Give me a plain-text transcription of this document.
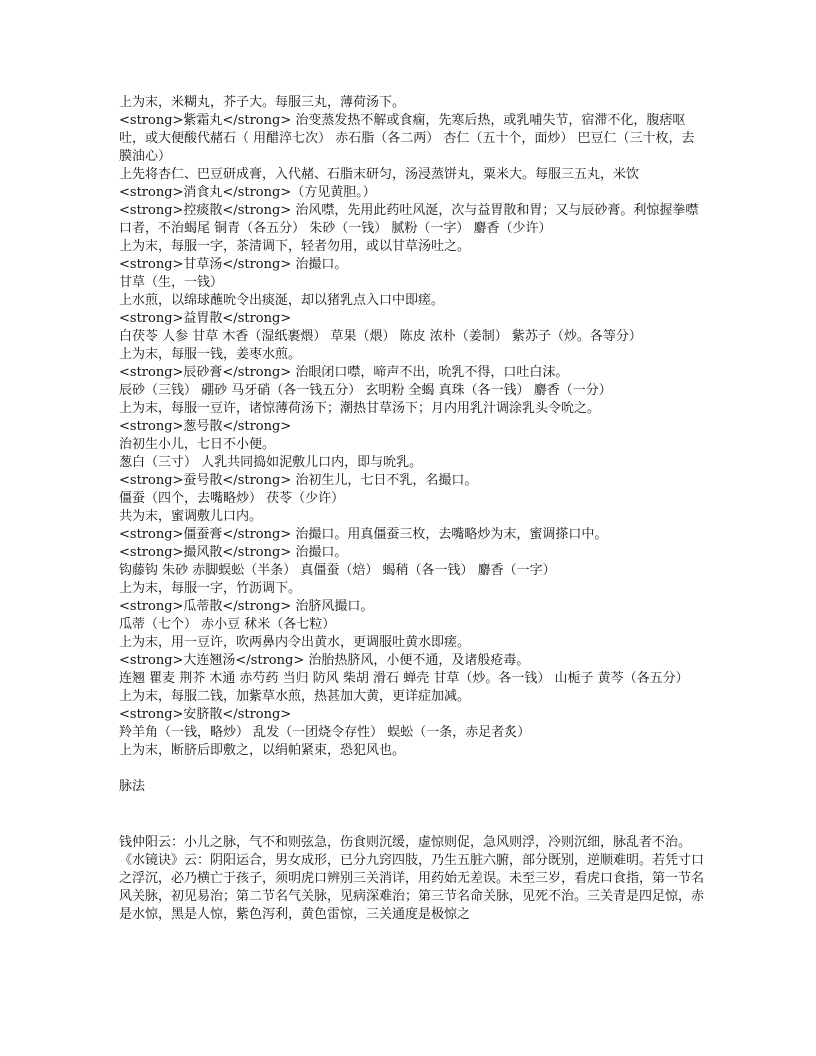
上为末，米糊丸，芥子大。每服三丸，薄荷汤下。

<strong>紫霜丸</strong> 治变蒸发热不解或食痫，先寒后热，或乳哺失节，宿滞不化，腹痞呕吐，或大便酸代赭石（ 用醋淬七次） 赤石脂（各二两） 杏仁（五十个，面炒） 巴豆仁（三十枚，去膜油心）

上先将杏仁、巴豆研成膏，入代赭、石脂末研匀，汤浸蒸饼丸，粟米大。每服三五丸，米饮

<strong>消食丸</strong>（方见黄胆。）

<strong>控痰散</strong> 治风噤，先用此药吐风涎，次与益胃散和胃；又与辰砂膏。利惊握拳噤口者，不治蝎尾 铜青（各五分） 朱砂（一钱） 腻粉（一字） 麝香（少许）

上为末，每服一字，茶清调下，轻者勿用，或以甘草汤吐之。

<strong>甘草汤</strong> 治撮口。

甘草（生，一钱）

上水煎，以绵球蘸吮令出痰涎，却以猪乳点入口中即瘥。

<strong>益胃散</strong>

白茯苓 人参 甘草 木香（湿纸裹煨） 草果（煨） 陈皮 浓朴（姜制） 紫苏子（炒。各等分）

上为末，每服一钱，姜枣水煎。

<strong>辰砂膏</strong> 治眼闭口噤，啼声不出，吮乳不得，口吐白沫。

辰砂（三钱） 硼砂 马牙硝（各一钱五分） 玄明粉 全蝎 真珠（各一钱） 麝香（一分）

上为末，每服一豆许，诸惊薄荷汤下；潮热甘草汤下；月内用乳汁调涂乳头令吮之。

<strong>葱号散</strong>

治初生小儿，七日不小便。

葱白（三寸） 人乳共同捣如泥敷儿口内，即与吮乳。

<strong>蚕号散</strong> 治初生儿，七日不乳，名撮口。

僵蚕（四个，去嘴略炒） 茯苓（少许）

共为末，蜜调敷儿口内。

<strong>僵蚕膏</strong> 治撮口。用真僵蚕三枚，去嘴略炒为末，蜜调搽口中。

<strong>撮风散</strong> 治撮口。

钩藤钩 朱砂 赤脚蜈蚣（半条） 真僵蚕（焙） 蝎稍（各一钱） 麝香（一字）

上为末，每服一字，竹沥调下。

<strong>瓜蒂散</strong> 治脐风撮口。

瓜蒂（七个） 赤小豆 秫米（各七粒）

上为末，用一豆许，吹两鼻内令出黄水，更调服吐黄水即瘥。

<strong>大连翘汤</strong> 治胎热脐风，小便不通，及诸般疮毒。

连翘 瞿麦 荆芥 木通 赤芍药 当归 防风 柴胡 滑石 蝉壳 甘草（炒。各一钱） 山栀子 黄芩（各五分）

上为末，每服二钱，加紫草水煎，热甚加大黄，更详症加减。

<strong>安脐散</strong>

羚羊角（一钱，略炒） 乱发（一团烧令存性） 蜈蚣（一条，赤足者炙）

上为末，断脐后即敷之，以绢帕紧束，恐犯风也。

脉法

钱仲阳云：小儿之脉，气不和则弦急，伤食则沉缓，虚惊则促，急风则浮，冷则沉细，脉乱者不治。《水镜诀》云：阴阳运合，男女成形，已分九窍四肢，乃生五脏六腑，部分既别，逆顺难明。若凭寸口之浮沉，必乃横亡于孩子，须明虎口辨别三关消详，用药始无差误。未至三岁，看虎口食指，第一节名风关脉，初见易治；第二节名气关脉，见病深难治；第三节名命关脉，见死不治。三关青是四足惊，赤是水惊，黑是人惊，紫色泻利，黄色雷惊，三关通度是极惊之
